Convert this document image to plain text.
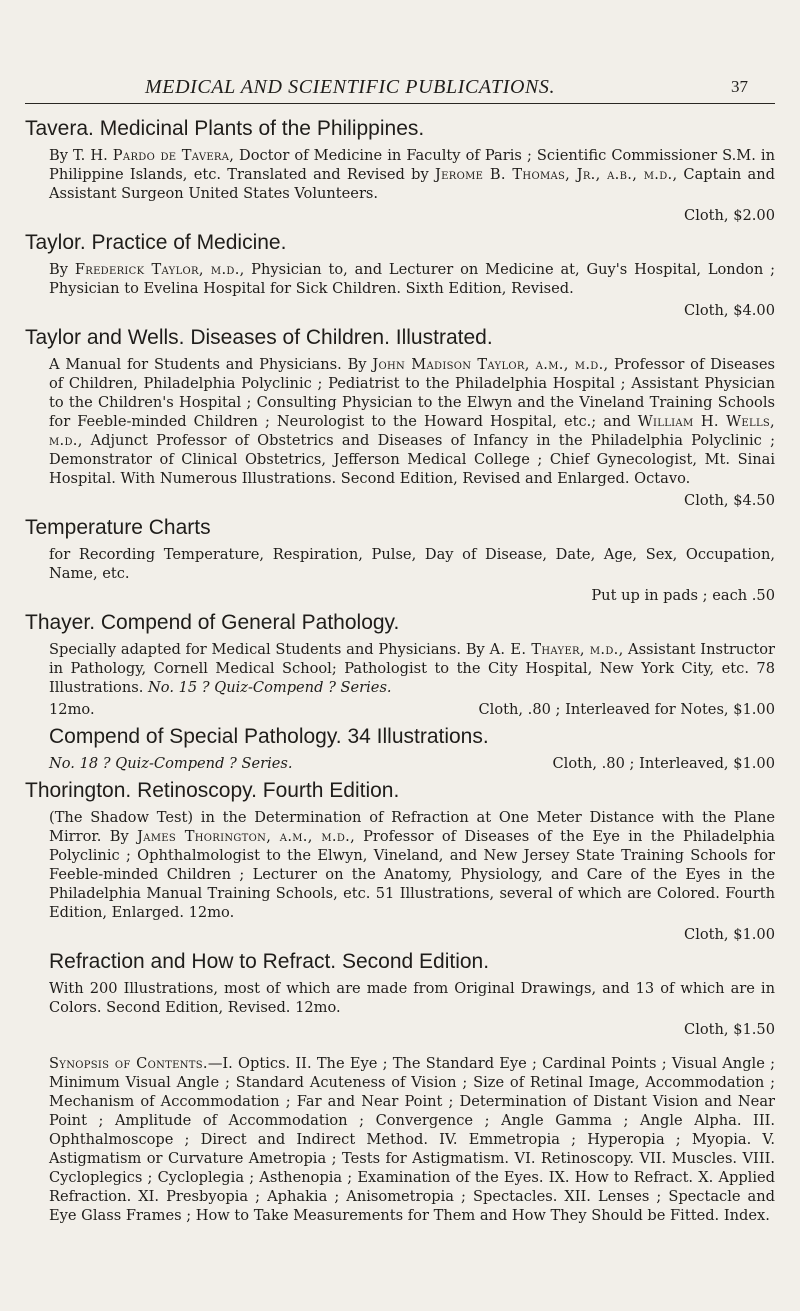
MEDICAL AND SCIENTIFIC PUBLICATIONS.	37
Tavera. Medicinal Plants of the Philippines.

By T. H. Pardo de Tavera, Doctor of Medicine in Faculty of Paris ; Scientific Commissioner S.M. in Philippine Islands, etc. Translated and Revised by Jerome B. Thomas, Jr., a.b., m.d., Captain and Assistant Surgeon United States Volunteers.

Cloth, $2.00
Taylor. Practice of Medicine.

By Frederick Taylor, m.d., Physician to, and Lecturer on Medicine at, Guy's Hospital, London ; Physician to Evelina Hospital for Sick Children. Sixth Edition, Revised.

Cloth, $4.00
Taylor and Wells. Diseases of Children. Illustrated.

A Manual for Students and Physicians. By John Madison Taylor, a.m., m.d., Professor of Diseases of Children, Philadelphia Polyclinic ; Pediatrist to the Philadelphia Hospital ; Assistant Physician to the Children's Hospital ; Consulting Physician to the Elwyn and the Vineland Training Schools for Feeble-minded Children ; Neurologist to the Howard Hospital, etc.; and William H. Wells, m.d., Adjunct Professor of Obstetrics and Diseases of Infancy in the Philadelphia Polyclinic ; Demonstrator of Clinical Obstetrics, Jefferson Medical College ; Chief Gynecologist, Mt. Sinai Hospital. With Numerous Illustrations. Second Edition, Revised and Enlarged. Octavo.

Cloth, $4.50
Temperature Charts

for Recording Temperature, Respiration, Pulse, Day of Disease, Date, Age, Sex, Occupation, Name, etc.

Put up in pads ; each .50
Thayer. Compend of General Pathology.

Specially adapted for Medical Students and Physicians. By A. E. Thayer, m.d., Assistant Instructor in Pathology, Cornell Medical School; Pathologist to the City Hospital, New York City, etc. 78 Illustrations. No. 15 ? Quiz-Compend ? Series.

12mo.	Cloth, .80 ; Interleaved for Notes, $1.00
Compend of Special Pathology. 34 Illustrations.
No. 18 ? Quiz-Compend ? Series.	Cloth, .80 ; Interleaved, $1.00
Thorington. Retinoscopy. Fourth Edition.

(The Shadow Test) in the Determination of Refraction at One Meter Distance with the Plane Mirror. By James Thorington, a.m., m.d., Professor of Diseases of the Eye in the Philadelphia Polyclinic ; Ophthalmologist to the Elwyn, Vineland, and New Jersey State Training Schools for Feeble-minded Children ; Lecturer on the Anatomy, Physiology, and Care of the Eyes in the Philadelphia Manual Training Schools, etc. 51 Illustrations, several of which are Colored. Fourth Edition, Enlarged. 12mo.

Cloth, $1.00
Refraction and How to Refract. Second Edition.

With 200 Illustrations, most of which are made from Original Drawings, and 13 of which are in Colors. Second Edition, Revised. 12mo.

Cloth, $1.50

Synopsis of Contents.—I. Optics. II. The Eye ; The Standard Eye ; Cardinal Points ; Visual Angle ; Minimum Visual Angle ; Standard Acuteness of Vision ; Size of Retinal Image, Accommodation ; Mechanism of Accommodation ; Far and Near Point ; Determination of Distant Vision and Near Point ; Amplitude of Accommodation ; Convergence ; Angle Gamma ; Angle Alpha. III. Ophthalmoscope ; Direct and Indirect Method. IV. Emmetropia ; Hyperopia ; Myopia. V. Astigmatism or Curvature Ametropia ; Tests for Astigmatism. VI. Retinoscopy. VII. Muscles. VIII. Cycloplegics ; Cycloplegia ; Asthenopia ; Examination of the Eyes. IX. How to Refract. X. Applied Refraction. XI. Presbyopia ; Aphakia ; Anisometropia ; Spectacles. XII. Lenses ; Spectacle and Eye Glass Frames ; How to Take Measurements for Them and How They Should be Fitted. Index.
